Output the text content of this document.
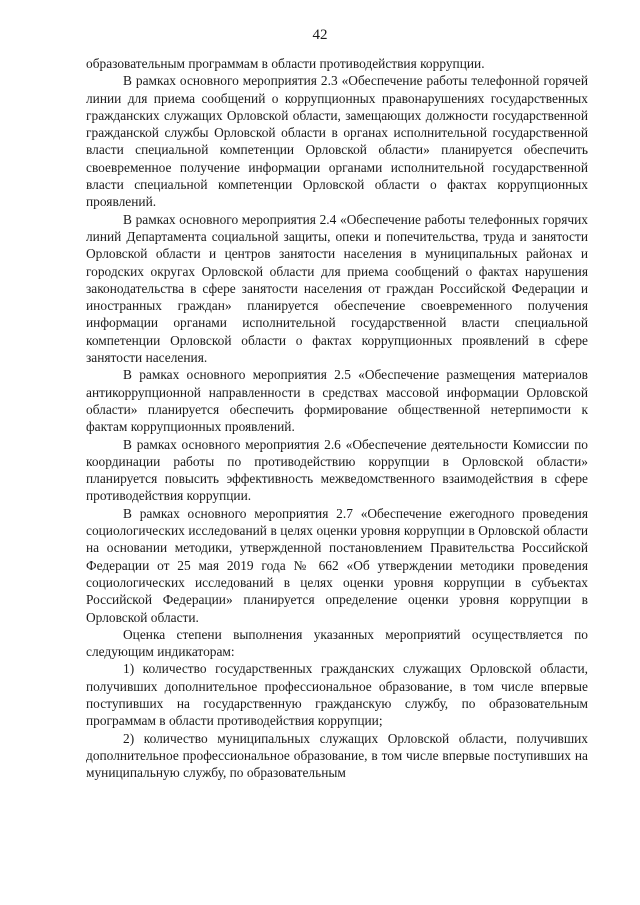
42

образовательным программам в области противодействия коррупции.

В рамках основного мероприятия 2.3 «Обеспечение работы телефонной горячей линии для приема сообщений о коррупционных правонарушениях государственных гражданских служащих Орловской области, замещающих должности государственной гражданской службы Орловской области в органах исполнительной государственной власти специальной компетенции Орловской области» планируется обеспечить своевременное получение информации органами исполнительной государственной власти специальной компетенции Орловской области о фактах коррупционных проявлений.

В рамках основного мероприятия 2.4 «Обеспечение работы телефонных горячих линий Департамента социальной защиты, опеки и попечительства, труда и занятости Орловской области и центров занятости населения в муниципальных районах и городских округах Орловской области для приема сообщений о фактах нарушения законодательства в сфере занятости населения от граждан Российской Федерации и иностранных граждан» планируется обеспечение своевременного получения информации органами исполнительной государственной власти специальной компетенции Орловской области о фактах коррупционных проявлений в сфере занятости населения.

В рамках основного мероприятия 2.5 «Обеспечение размещения материалов антикоррупционной направленности в средствах массовой информации Орловской области» планируется обеспечить формирование общественной нетерпимости к фактам коррупционных проявлений.

В рамках основного мероприятия 2.6 «Обеспечение деятельности Комиссии по координации работы по противодействию коррупции в Орловской области» планируется повысить эффективность межведомственного взаимодействия в сфере противодействия коррупции.

В рамках основного мероприятия 2.7 «Обеспечение ежегодного проведения социологических исследований в целях оценки уровня коррупции в Орловской области на основании методики, утвержденной постановлением Правительства Российской Федерации от 25 мая 2019 года № 662 «Об утверждении методики проведения социологических исследований в целях оценки уровня коррупции в субъектах Российской Федерации» планируется определение оценки уровня коррупции в Орловской области.

Оценка степени выполнения указанных мероприятий осуществляется по следующим индикаторам:

1) количество государственных гражданских служащих Орловской области, получивших дополнительное профессиональное образование, в том числе впервые поступивших на государственную гражданскую службу, по образовательным программам в области противодействия коррупции;

2) количество муниципальных служащих Орловской области, получивших дополнительное профессиональное образование, в том числе впервые поступивших на муниципальную службу, по образовательным
